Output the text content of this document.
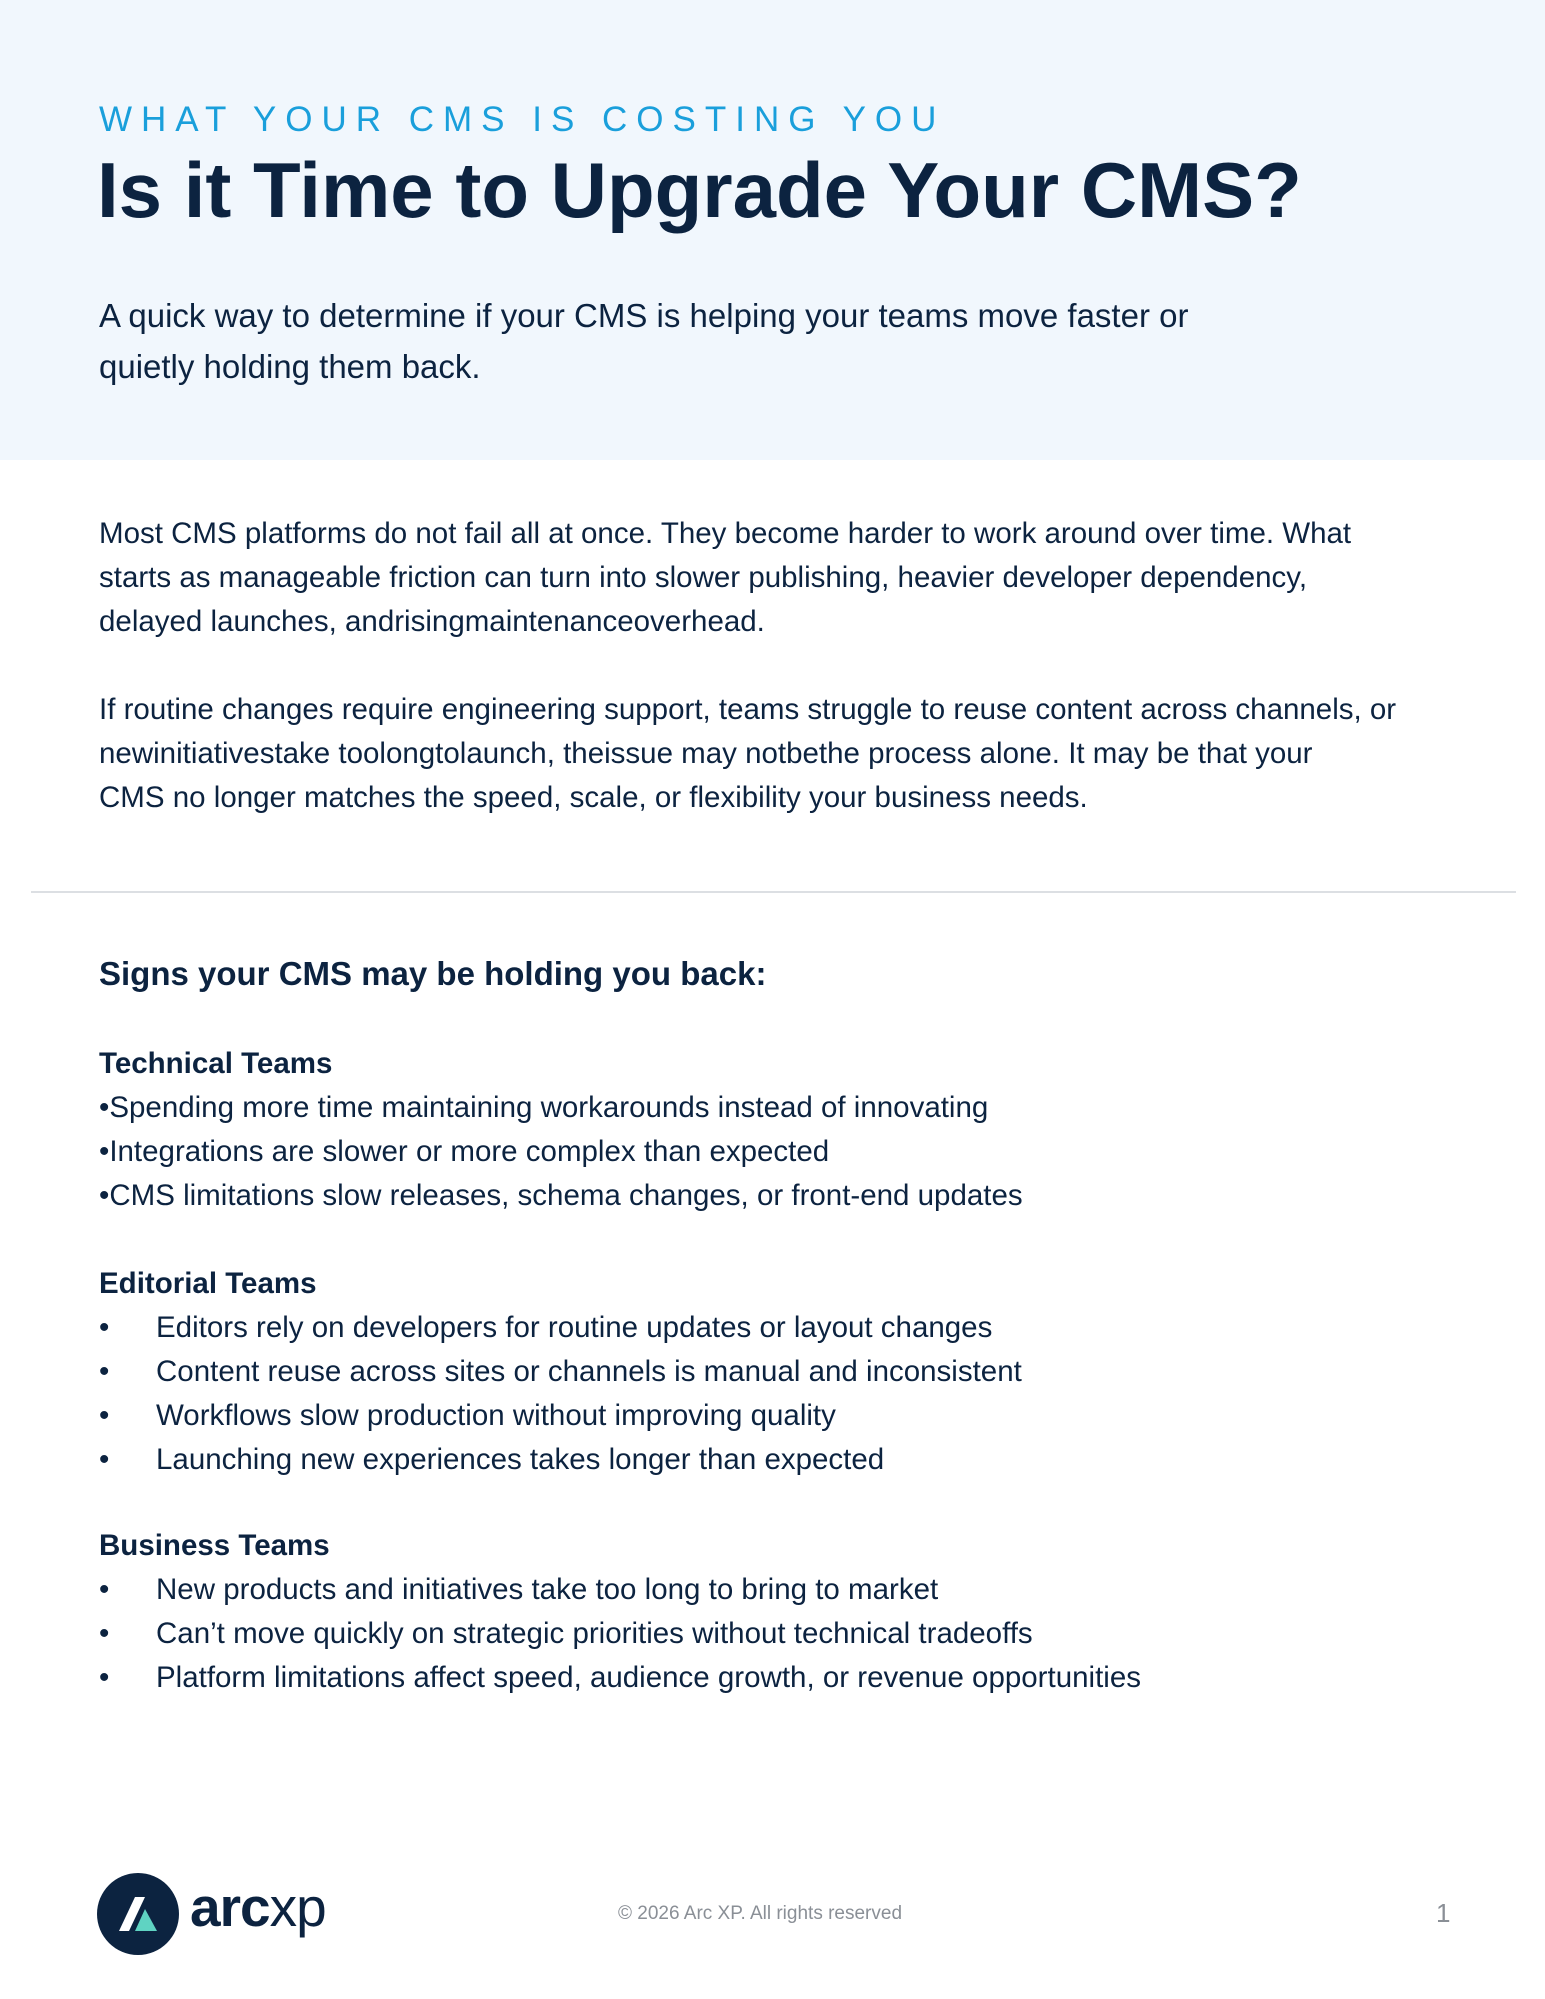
WHAT YOUR CMS IS COSTING YOU
Is it Time to Upgrade Your CMS?
A quick way to determine if your CMS is helping your teams move faster or
quietly holding them back.

Most CMS platforms do not fail all at once. They become harder to work around over time. What

starts as manageable friction can turn into slower publishing, heavier developer dependency,

delayed launches, andrisingmaintenanceoverhead.

If routine changes require engineering support, teams struggle to reuse content across channels, or

newinitiativestake toolongtolaunch, theissue may notbethe process alone. It may be that your

CMS no longer matches the speed, scale, or flexibility your business needs.

Signs your CMS may be holding you back:
Technical Teams
• Spending more time maintaining workarounds instead of innovating
• Integrations are slower or more complex than expected
• CMS limitations slow releases, schema changes, or front-end updates
Editorial Teams
•	Editors rely on developers for routine updates or layout changes
•	Content reuse across sites or channels is manual and inconsistent
•	Workflows slow production without improving quality
•	Launching new experiences takes longer than expected
Business Teams
•	New products and initiatives take too long to bring to market
•	Can’t move quickly on strategic priorities without technical tradeoffs
•	Platform limitations affect speed, audience growth, or revenue opportunities
arcxp	© 2026 Arc XP. All rights reserved	1
